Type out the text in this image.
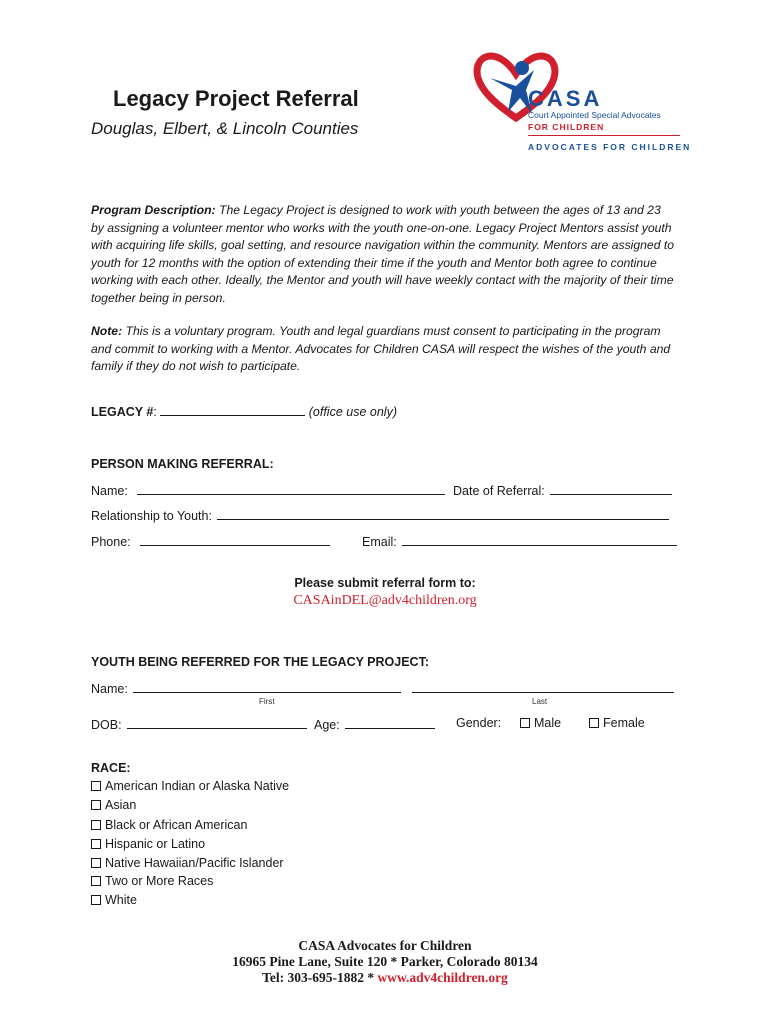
Legacy Project Referral
Douglas, Elbert, & Lincoln Counties
CASA
Court Appointed Special Advocates
FOR CHILDREN
ADVOCATES FOR CHILDREN
Program Description: The Legacy Project is designed to work with youth between the ages of 13 and 23 by assigning a volunteer mentor who works with the youth one-on-one. Legacy Project Mentors assist youth with acquiring life skills, goal setting, and resource navigation within the community. Mentors are assigned to youth for 12 months with the option of extending their time if the youth and Mentor both agree to continue working with each other. Ideally, the Mentor and youth will have weekly contact with the majority of their time together being in person.
Note: This is a voluntary program. Youth and legal guardians must consent to participating in the program and commit to working with a Mentor. Advocates for Children CASA will respect the wishes of the youth and family if they do not wish to participate.
LEGACY #:	(office use only)
PERSON MAKING REFERRAL:
Name:	Date of Referral:
Relationship to Youth:
Phone:	Email:
Please submit referral form to:
CASAinDEL@adv4children.org
YOUTH BEING REFERRED FOR THE LEGACY PROJECT:
Name:
First	Last
DOB:	Age:	Gender:	Male	Female
RACE:
American Indian or Alaska Native
Asian
Black or African American
Hispanic or Latino
Native Hawaiian/Pacific Islander
Two or More Races
White
CASA Advocates for Children
16965 Pine Lane, Suite 120 * Parker, Colorado 80134
Tel: 303-695-1882 * www.adv4children.org
